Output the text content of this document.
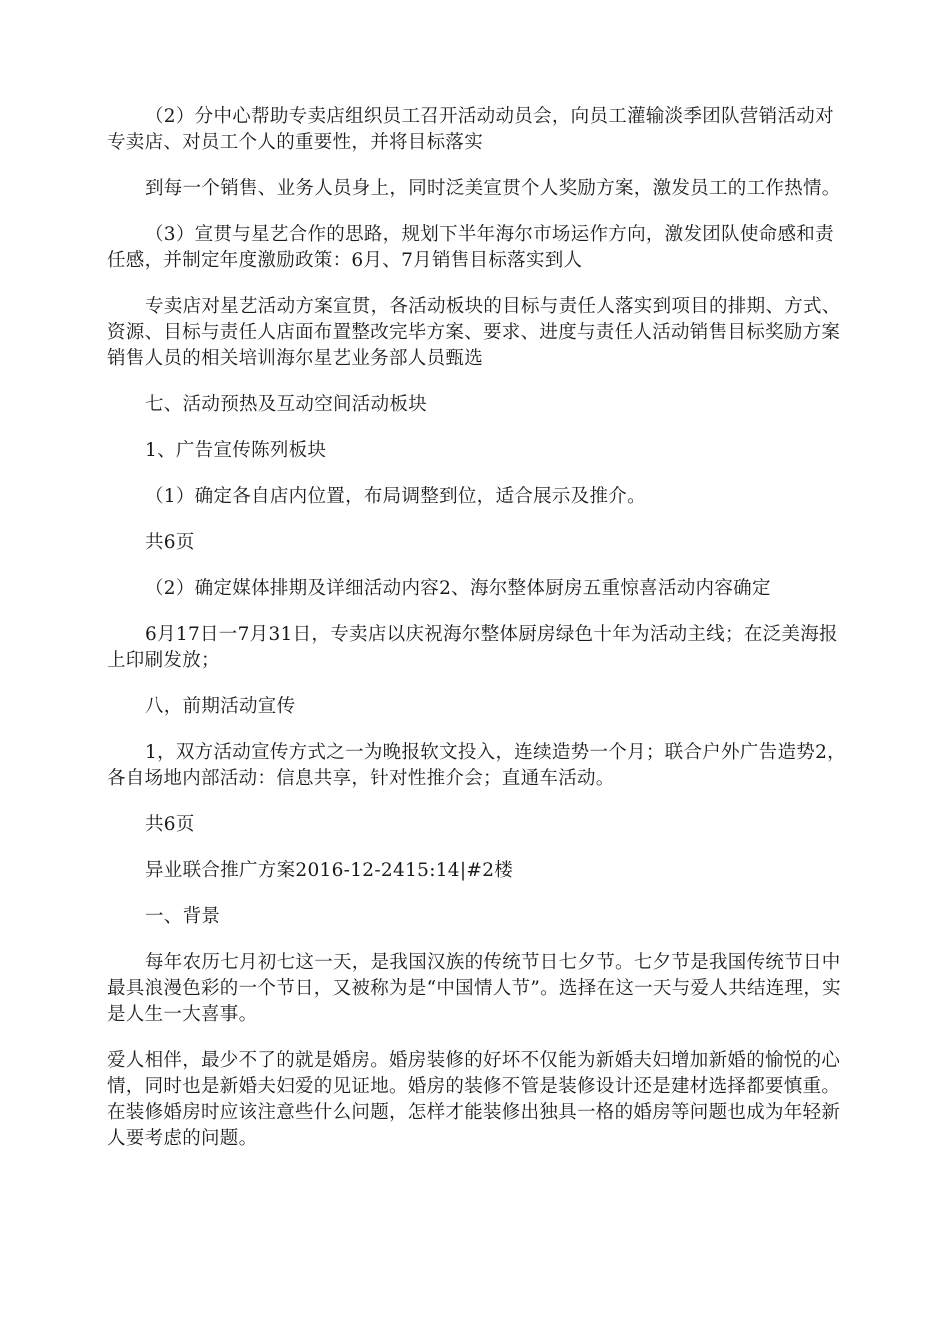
（2）分中心帮助专卖店组织员工召开活动动员会，向员工灌输淡季团队营销活动对专卖店、对员工个人的重要性，并将目标落实

到每一个销售、业务人员身上，同时泛美宣贯个人奖励方案，激发员工的工作热情。

（3）宣贯与星艺合作的思路，规划下半年海尔市场运作方向，激发团队使命感和责任感，并制定年度激励政策：6月、7月销售目标落实到人

专卖店对星艺活动方案宣贯，各活动板块的目标与责任人落实到项目的排期、方式、资源、目标与责任人店面布置整改完毕方案、要求、进度与责任人活动销售目标奖励方案销售人员的相关培训海尔星艺业务部人员甄选

七、活动预热及互动空间活动板块

1、广告宣传陈列板块

（1）确定各自店内位置，布局调整到位，适合展示及推介。

共6页

（2）确定媒体排期及详细活动内容2、海尔整体厨房五重惊喜活动内容确定

6月17日一7月31日，专卖店以庆祝海尔整体厨房绿色十年为活动主线；在泛美海报上印刷发放；

八，前期活动宣传

1，双方活动宣传方式之一为晚报软文投入，连续造势一个月；联合户外广告造势2，各自场地内部活动：信息共享，针对性推介会；直通车活动。

共6页

异业联合推广方案2016-12-2415:14|#2楼

一、背景

每年农历七月初七这一天，是我国汉族的传统节日七夕节。七夕节是我国传统节日中最具浪漫色彩的一个节日，又被称为是“中国情人节”。选择在这一天与爱人共结连理，实是人生一大喜事。

爱人相伴，最少不了的就是婚房。婚房装修的好坏不仅能为新婚夫妇增加新婚的愉悦的心情，同时也是新婚夫妇爱的见证地。婚房的装修不管是装修设计还是建材选择都要慎重。在装修婚房时应该注意些什么问题，怎样才能装修出独具一格的婚房等问题也成为年轻新人要考虑的问题。
